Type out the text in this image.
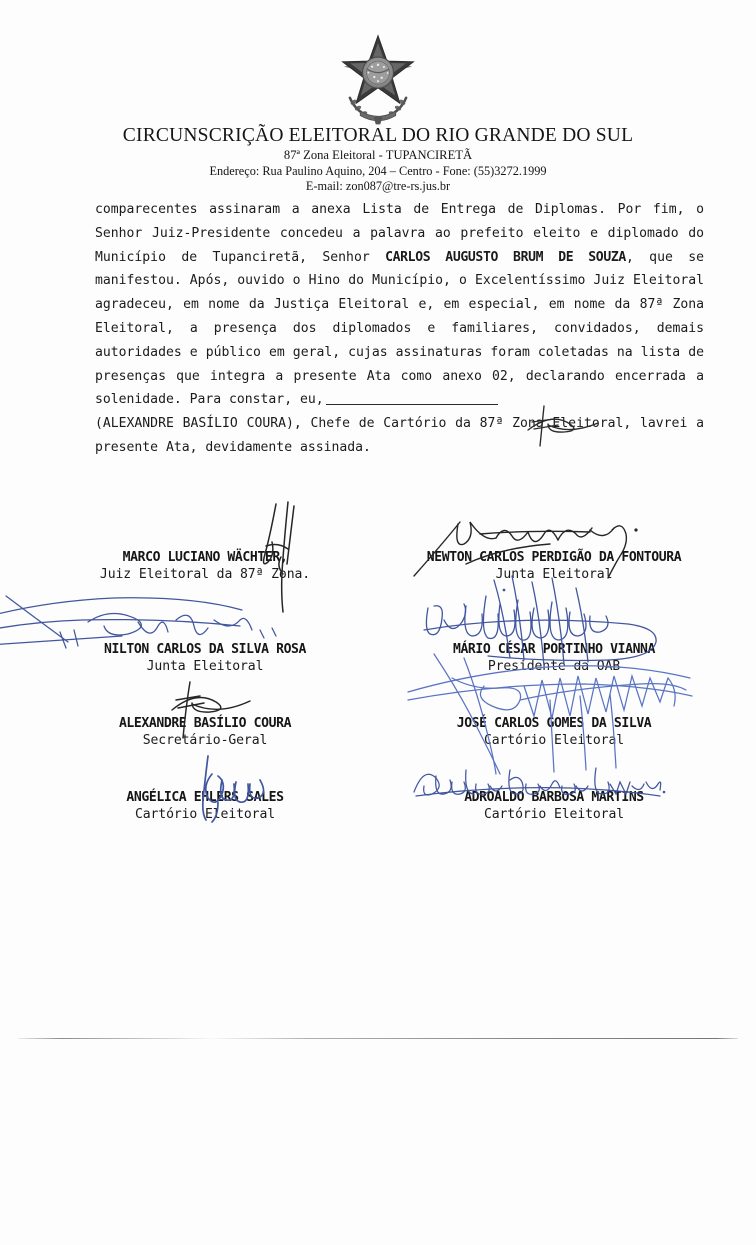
CIRCUNSCRIÇÃO ELEITORAL DO RIO GRANDE DO SUL
87ª Zona Eleitoral - TUPANCIRETÃ
Endereço: Rua Paulino Aquino, 204 – Centro - Fone: (55)3272.1999
E-mail: zon087@tre-rs.jus.br

comparecentes assinaram a anexa Lista de Entrega de Diplomas. Por fim, o Senhor Juiz-Presidente concedeu a palavra ao prefeito eleito e diplomado do Município de Tupanciretã, Senhor CARLOS AUGUSTO BRUM DE SOUZA, que se manifestou. Após, ouvido o Hino do Município, o Excelentíssimo Juiz Eleitoral agradeceu, em nome da Justiça Eleitoral e, em especial, em nome da 87ª Zona Eleitoral, a presença dos diplomados e familiares, convidados, demais autoridades e público em geral, cujas assinaturas foram coletadas na lista de presenças que integra a presente Ata como anexo 02, declarando encerrada a solenidade. Para constar, eu,

(ALEXANDRE BASÍLIO COURA), Chefe de Cartório da 87ª Zona Eleitoral, lavrei a presente Ata, devidamente assinada.

MARCO LUCIANO WÄCHTER,
Juiz Eleitoral da 87ª Zona.
NILTON CARLOS DA SILVA ROSA
Junta Eleitoral
ALEXANDRE BASÍLIO COURA
Secretário-Geral
ANGÉLICA EHLERS SALES
Cartório Eleitoral
NEWTON CARLOS PERDIGÃO DA FONTOURA
Junta Eleitoral
MÁRIO CÉSAR PORTINHO VIANNA
Presidente da OAB
JOSÉ CARLOS GOMES DA SILVA
Cartório Eleitoral
ADROALDO BARBOSA MARTINS
Cartório Eleitoral
